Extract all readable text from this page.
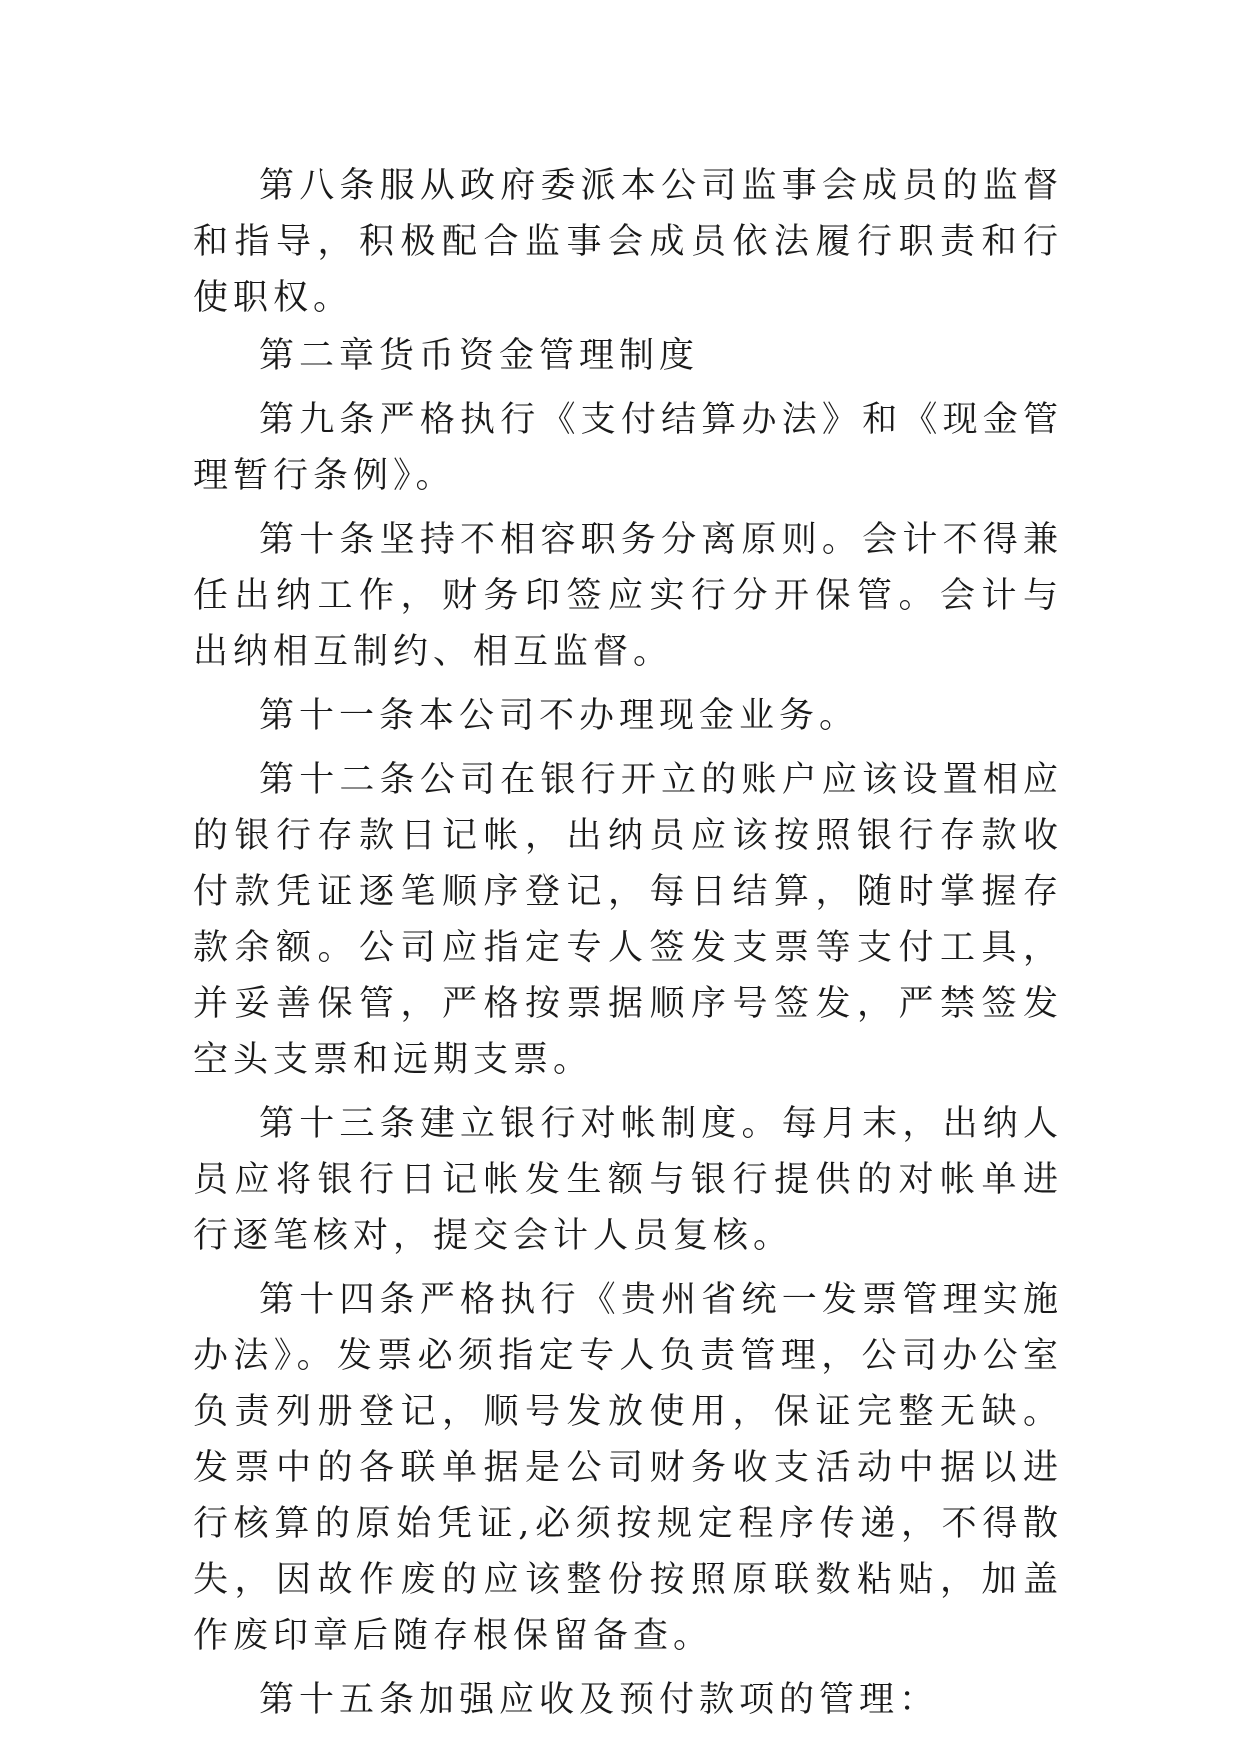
第八条服从政府委派本公司监事会成员的监督和指导，积极配合监事会成员依法履行职责和行使职权。

第二章货币资金管理制度

第九条严格执行《支付结算办法》和《现金管理暂行条例》。

第十条坚持不相容职务分离原则。会计不得兼任出纳工作，财务印签应实行分开保管。会计与出纳相互制约、相互监督。

第十一条本公司不办理现金业务。

第十二条公司在银行开立的账户应该设置相应的银行存款日记帐，出纳员应该按照银行存款收付款凭证逐笔顺序登记，每日结算，随时掌握存款余额。公司应指定专人签发支票等支付工具，并妥善保管，严格按票据顺序号签发，严禁签发空头支票和远期支票。

第十三条建立银行对帐制度。每月末，出纳人员应将银行日记帐发生额与银行提供的对帐单进行逐笔核对，提交会计人员复核。

第十四条严格执行《贵州省统一发票管理实施办法》。发票必须指定专人负责管理，公司办公室负责列册登记，顺号发放使用，保证完整无缺。发票中的各联单据是公司财务收支活动中据以进行核算的原始凭证,必须按规定程序传递，不得散失，因故作废的应该整份按照原联数粘贴，加盖作废印章后随存根保留备查。

第十五条加强应收及预付款项的管理：
